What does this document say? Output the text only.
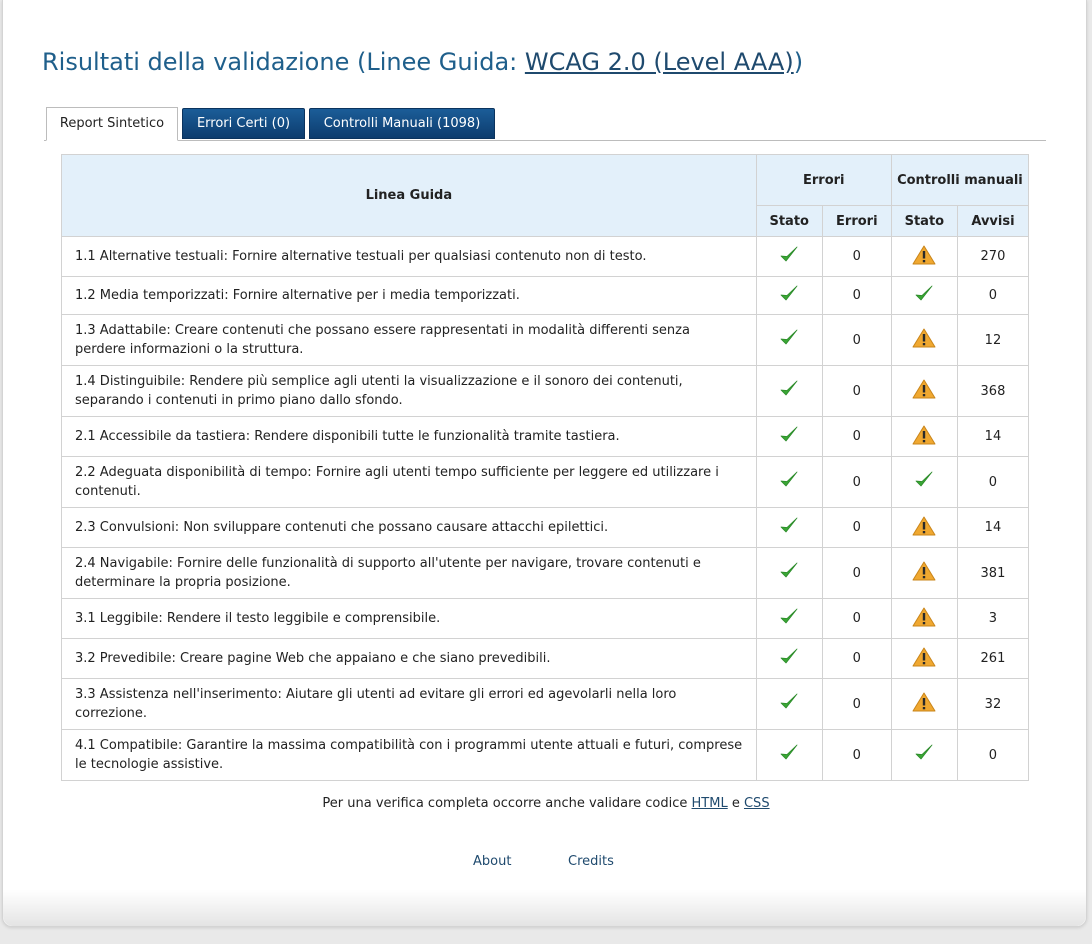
Risultati della validazione (Linee Guida: WCAG 2.0 (Level AAA))
Report Sintetico	Errori Certi (0)	Controlli Manuali (1098)
Linea Guida	Errori		Controlli manuali	
	Stato	Errori	Stato	Avvisi
1.1 Alternative testuali: Fornire alternative testuali per qualsiasi contenuto non di testo.		0		270
1.2 Media temporizzati: Fornire alternative per i media temporizzati.		0		0
1.3 Adattabile: Creare contenuti che possano essere rappresentati in modalità differenti senza perdere informazioni o la struttura.		0		12
1.4 Distinguibile: Rendere più semplice agli utenti la visualizzazione e il sonoro dei contenuti, separando i contenuti in primo piano dallo sfondo.		0		368
2.1 Accessibile da tastiera: Rendere disponibili tutte le funzionalità tramite tastiera.		0		14
2.2 Adeguata disponibilità di tempo: Fornire agli utenti tempo sufficiente per leggere ed utilizzare i contenuti.		0		0
2.3 Convulsioni: Non sviluppare contenuti che possano causare attacchi epilettici.		0		14
2.4 Navigabile: Fornire delle funzionalità di supporto all'utente per navigare, trovare contenuti e determinare la propria posizione.		0		381
3.1 Leggibile: Rendere il testo leggibile e comprensibile.		0		3
3.2 Prevedibile: Creare pagine Web che appaiano e che siano prevedibili.		0		261
3.3 Assistenza nell'inserimento: Aiutare gli utenti ad evitare gli errori ed agevolarli nella loro correzione.		0		32
4.1 Compatibile: Garantire la massima compatibilità con i programmi utente attuali e futuri, comprese le tecnologie assistive.		0		0
Per una verifica completa occorre anche validare codice HTML e CSS
About	Credits
